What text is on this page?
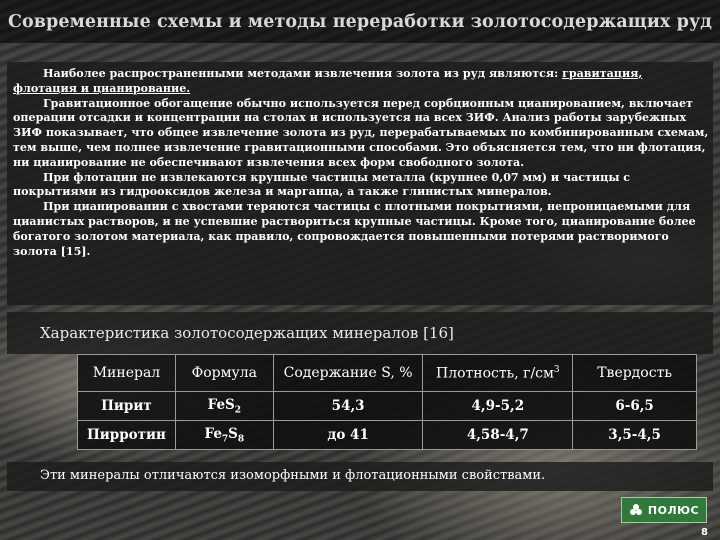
Современные схемы и методы переработки золотосодержащих руд

Наиболее распространенными методами извлечения золота из руд являются: гравитация, флотация и цианирование.

Гравитационное обогащение обычно используется перед сорбционным цианированием, включает операции отсадки и концентрации на столах и используется на всех ЗИФ. Анализ работы зарубежных ЗИФ показывает, что общее извлечение золота из руд, перерабатываемых по комбинированным схемам, тем выше, чем полнее извлечение гравитационными способами. Это объясняется тем, что ни флотация, ни цианирование не обеспечивают извлечения всех форм свободного золота.

При флотации не извлекаются крупные частицы металла (крупнее 0,07 мм) и частицы с покрытиями из гидрооксидов железа и марганца, а также глинистых минералов.

При цианировании с хвостами теряются частицы с плотными покрытиями, непроницаемыми для цианистых растворов, и не успевшие раствориться крупные частицы. Кроме того, цианирование более богатого золотом материала, как правило, сопровождается повышенными потерями растворимого золота [15].

Характеристика золотосодержащих минералов [16]
Минерал	Формула	Содержание S, %	Плотность, $г/см^3$	Твердость
Пирит	FeS$_2$	54,3	4,9-5,2	6-6,5
Пирротин	$Fe_7S_8$	до 41	4,58-4,7	3,5-4,5
Эти минералы отличаются изоморфными и флотационными свойствами.
ПОЛЮС
8
